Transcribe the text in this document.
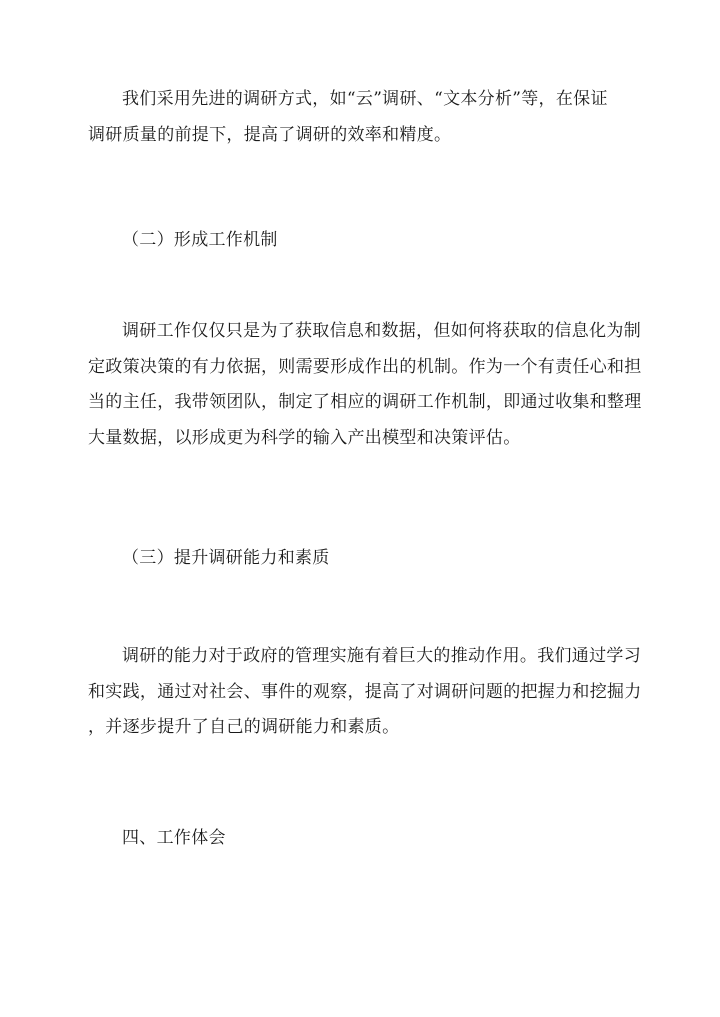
我们采用先进的调研方式，如“云”调研、“文本分析”等，在保证
调研质量的前提下，提高了调研的效率和精度。

（二）形成工作机制

调研工作仅仅只是为了获取信息和数据，但如何将获取的信息化为制
定政策决策的有力依据，则需要形成作出的机制。作为一个有责任心和担
当的主任，我带领团队，制定了相应的调研工作机制，即通过收集和整理
大量数据，以形成更为科学的输入产出模型和决策评估。

（三）提升调研能力和素质

调研的能力对于政府的管理实施有着巨大的推动作用。我们通过学习
和实践，通过对社会、事件的观察，提高了对调研问题的把握力和挖掘力
，并逐步提升了自己的调研能力和素质。

四、工作体会
